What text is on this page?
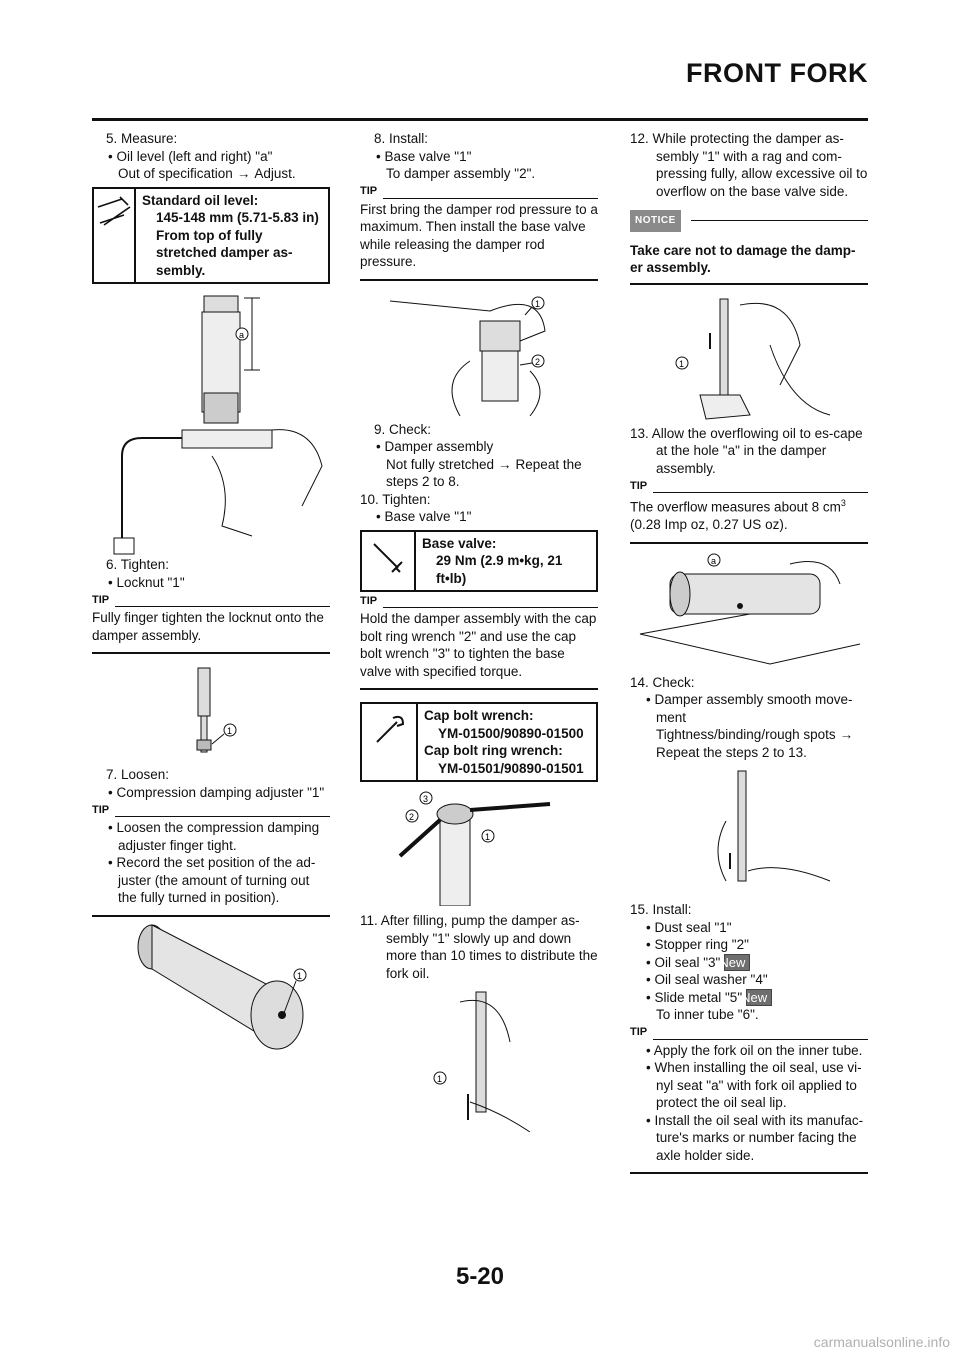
FRONT FORK

5. Measure:

• Oil level (left and right) "a"

Out of specification → Adjust.

Standard oil level:
145-148 mm (5.71-5.83 in)
From top of fully stretched damper as-sembly.
a

6. Tighten:

• Locknut "1"

TIP
Fully finger tighten the locknut onto the damper assembly.
1

7. Loosen:

• Compression damping adjuster "1"

TIP
• Loosen the compression damping adjuster finger tight.
• Record the set position of the ad-juster (the amount of turning out the fully turned in position).
1

8. Install:

• Base valve "1"

To damper assembly "2".

TIP
First bring the damper rod pressure to a maximum. Then install the base valve while releasing the damper rod pressure.
1
2

9. Check:

• Damper assembly

Not fully stretched → Repeat the steps 2 to 8.

10. Tighten:

• Base valve "1"

Base valve:
29 Nm (2.9 m•kg, 21 ft•lb)
TIP
Hold the damper assembly with the cap bolt ring wrench "2" and use the cap bolt wrench "3" to tighten the base valve with specified torque.
Cap bolt wrench:
YM-01500/90890-01500
Cap bolt ring wrench:
YM-01501/90890-01501
3
2
1

11. After filling, pump the damper as-sembly "1" slowly up and down more than 10 times to distribute the fork oil.

1

12. While protecting the damper as-sembly "1" with a rag and com-pressing fully, allow excessive oil to overflow on the base valve side.

NOTICE
Take care not to damage the damp-er assembly.
1

13. Allow the overflowing oil to es-cape at the hole "a" in the damper assembly.

TIP
The overflow measures about 8 $cm^3$
(0.28 Imp oz, 0.27 US oz).
a

14. Check:

• Damper assembly smooth move-ment

Tightness/binding/rough spots →
Repeat the steps 2 to 13.

15. Install:

• Dust seal "1"

• Stopper ring "2"

• Oil seal "3"New

• Oil seal washer "4"

• Slide metal "5"New

To inner tube "6".

TIP
• Apply the fork oil on the inner tube.
• When installing the oil seal, use vi-nyl seat "a" with fork oil applied to protect the oil seal lip.
• Install the oil seal with its manufac-ture's marks or number facing the axle holder side.
5-20
carmanualsonline.info
